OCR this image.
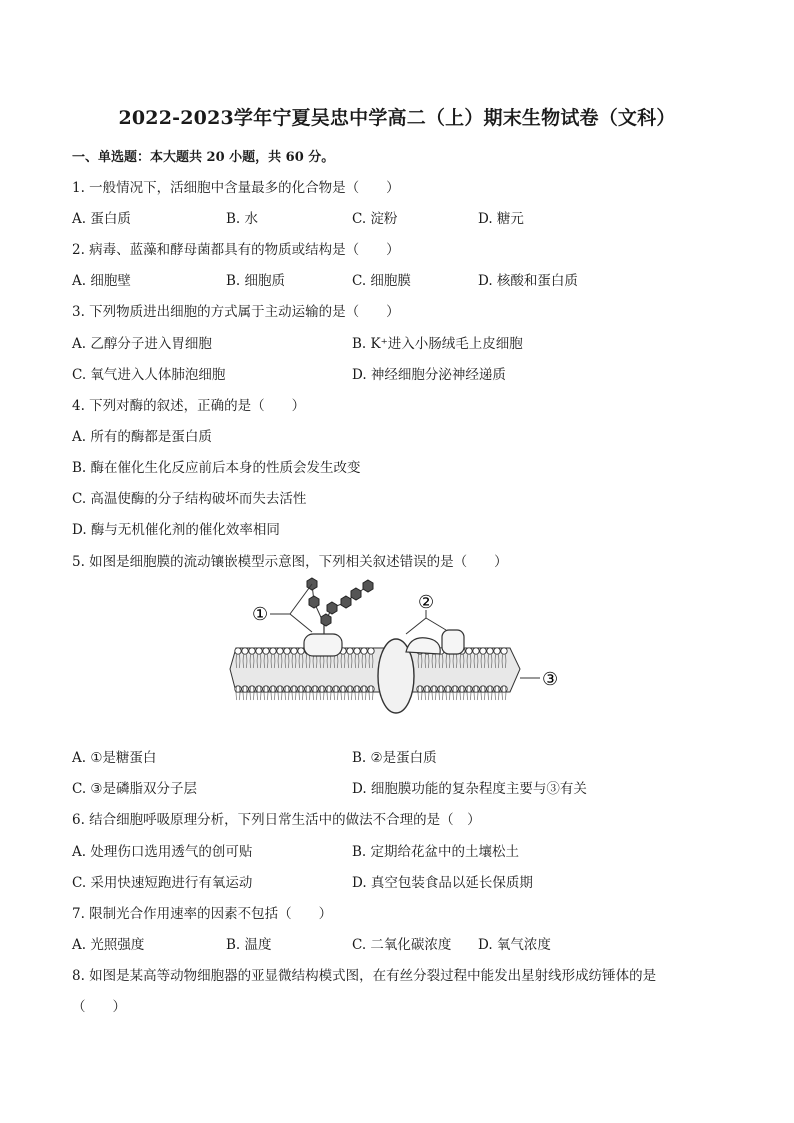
2022-2023学年宁夏吴忠中学高二（上）期末生物试卷（文科）
一、单选题：本大题共 20 小题，共 60 分。
1. 一般情况下，活细胞中含量最多的化合物是（　　）
A. 蛋白质	B. 水	C. 淀粉	D. 糖元
2. 病毒、蓝藻和酵母菌都具有的物质或结构是（　　）
A. 细胞壁	B. 细胞质	C. 细胞膜	D. 核酸和蛋白质
3. 下列物质进出细胞的方式属于主动运输的是（　　）
A. 乙醇分子进入胃细胞	B. K⁺进入小肠绒毛上皮细胞
C. 氧气进入人体肺泡细胞	D. 神经细胞分泌神经递质
4. 下列对酶的叙述，正确的是（　　）
A. 所有的酶都是蛋白质
B. 酶在催化生化反应前后本身的性质会发生改变
C. 高温使酶的分子结构破坏而失去活性
D. 酶与无机催化剂的催化效率相同
5. 如图是细胞膜的流动镶嵌模型示意图，下列相关叙述错误的是（　　）
①
②
③
A. ①是糖蛋白	B. ②是蛋白质
C. ③是磷脂双分子层	D. 细胞膜功能的复杂程度主要与③有关
6. 结合细胞呼吸原理分析，下列日常生活中的做法不合理的是（　）
A. 处理伤口选用透气的创可贴	B. 定期给花盆中的土壤松土
C. 采用快速短跑进行有氧运动	D. 真空包装食品以延长保质期
7. 限制光合作用速率的因素不包括（　　）
A. 光照强度	B. 温度	C. 二氧化碳浓度 D. 氧气浓度
8. 如图是某高等动物细胞器的亚显微结构模式图，在有丝分裂过程中能发出星射线形成纺锤体的是
（　　）
